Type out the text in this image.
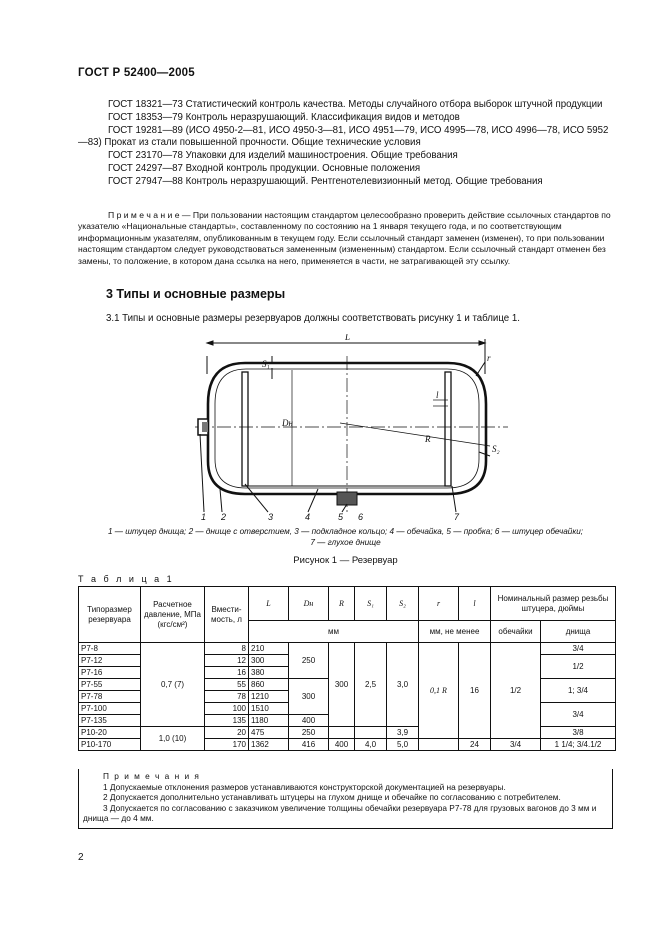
ГОСТ Р 52400—2005

ГОСТ 18321—73 Статистический контроль качества. Методы случайного отбора выборок штучной продукции

ГОСТ 18353—79 Контроль неразрушающий. Классификация видов и методов

ГОСТ 19281—89 (ИСО 4950-2—81, ИСО 4950-3—81, ИСО 4951—79, ИСО 4995—78, ИСО 4996—78, ИСО 5952—83) Прокат из стали повышенной прочности. Общие технические условия

ГОСТ 23170—78 Упаковки для изделий машиностроения. Общие требования

ГОСТ 24297—87 Входной контроль продукции. Основные положения

ГОСТ 27947—88 Контроль неразрушающий. Рентгенотелевизионный метод. Общие требования

П р и м е ч а н и е — При пользовании настоящим стандартом целесообразно проверить действие ссылочных стандартов по указателю «Национальные стандарты», составленному по состоянию на 1 января текущего года, и по соответствующим информационным указателям, опубликованным в текущем году. Если ссылочный стандарт заменен (изменен), то при пользовании настоящим стандартом следует руководствоваться замененным (измененным) стандартом. Если ссылочный стандарт отменен без замены, то положение, в котором дана ссылка на него, применяется в части, не затрагивающей эту ссылку.
3 Типы и основные размеры
3.1 Типы и основные размеры резервуаров должны соответствовать рисунку 1 и таблице 1.
L
S₁
r
Dн
l
R
S₂
1 2	3	4	5 6	7
1 — штуцер днища; 2 — днище с отверстием, 3 — подкладное кольцо; 4 — обечайка, 5 — пробка; 6 — штуцер обечайки;
7 — глухое днище
Рисунок 1 — Резервуар
Т а б л и ц а 1
Типоразмер резервуара	Расчетное давление, МПа (кгс/см²)	Вмести-мость, л	L	Dн	R	S₁	S₂	r	l	Номинальный размер резьбы штуцера, дюймы	
			мм					мм, не менее		обечайки	днища
Р7-8	0,7 (7)	8	210	250	300	2,5	3,0	0,1 R	16	1/2	3/4
Р7-12		12	300								1/2
Р7-16		16	380								
Р7-55		55	860	300							1; 3/4
Р7-78		78	1210								
Р7-100		100	1510								3/4
Р7-135		135	1180	400							
Р10-20	1,0 (10)	20	475	250			3,9				3/8
Р10-170		170	1362	416	400	4,0	5,0		24	3/4	1 1/4; 3/4.1/2

П р и м е ч а н и я

1 Допускаемые отклонения размеров устанавливаются конструкторской документацией на резервуары.

2 Допускается дополнительно устанавливать штуцеры на глухом днище и обечайке по согласованию с потребителем.

3 Допускается по согласованию с заказчиком увеличение толщины обечайки резервуара Р7-78 для грузовых вагонов до 3 мм и днища — до 4 мм.

2
